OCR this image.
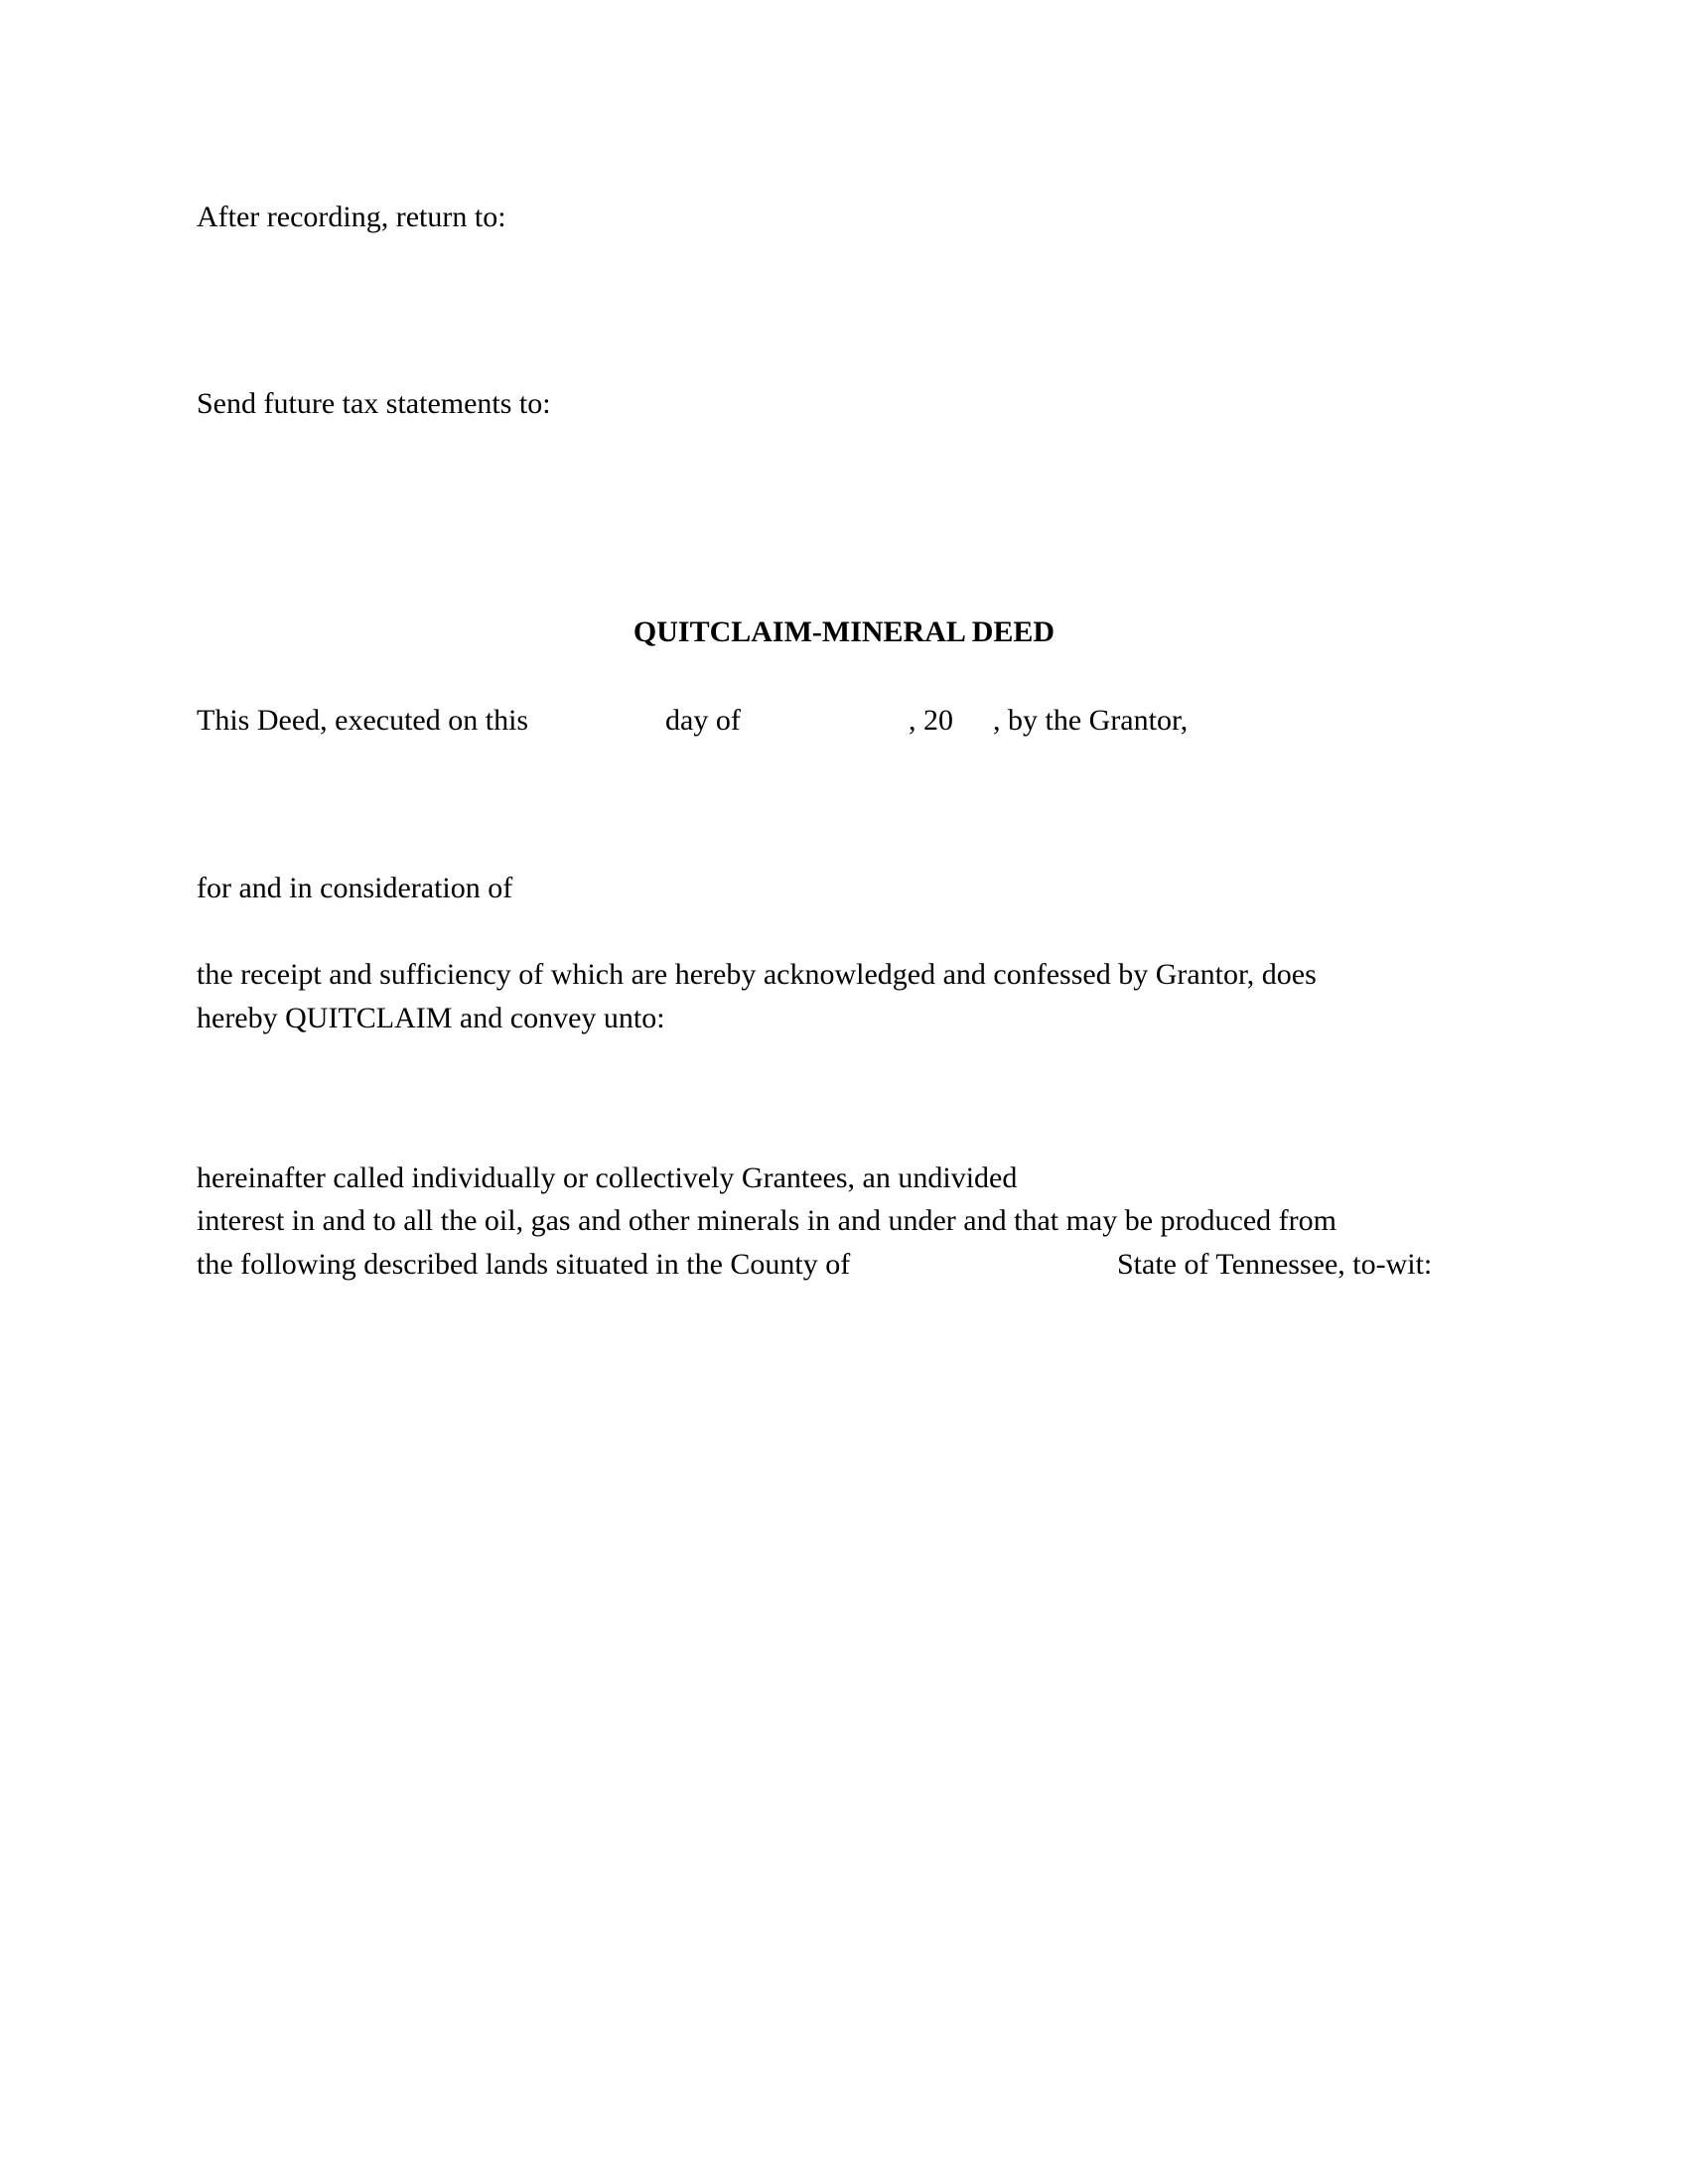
After recording, return to:
Send future tax statements to:
QUITCLAIM-MINERAL DEED
This Deed, executed on this	day of	, 20 , by the Grantor,
for and in consideration of
the receipt and sufficiency of which are hereby acknowledged and confessed by Grantor, does
hereby QUITCLAIM and convey unto:
hereinafter called individually or collectively Grantees, an undivided
interest in and to all the oil, gas and other minerals in and under and that may be produced from
the following described lands situated in the County of	State of Tennessee, to-wit:
